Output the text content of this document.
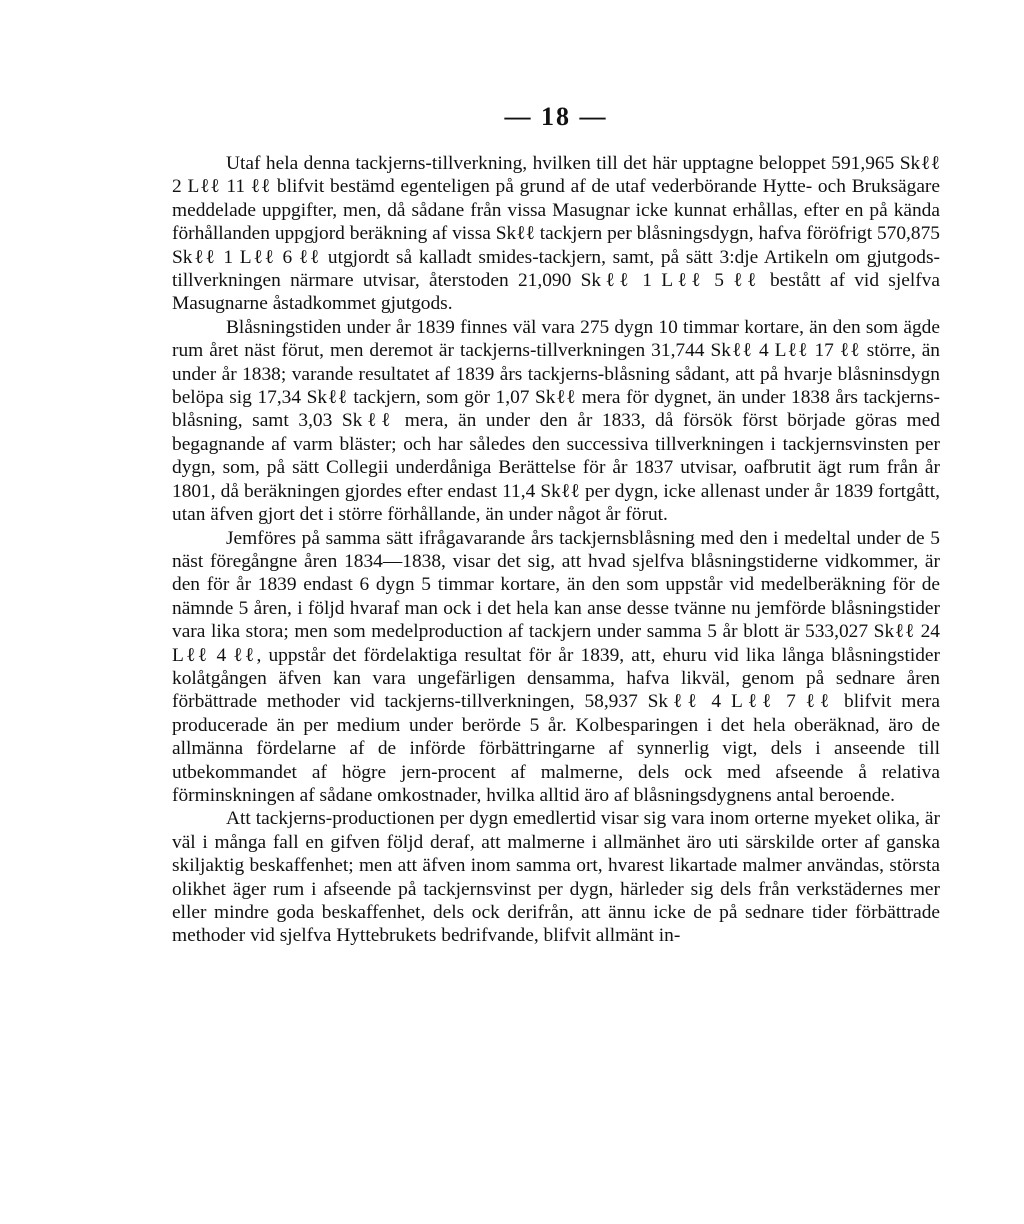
— 18 —

Utaf hela denna tackjerns-tillverkning, hvilken till det här upptagne beloppet 591,965 Skℓℓ 2 Lℓℓ 11 ℓℓ blifvit bestämd egenteligen på grund af de utaf vederbörande Hytte- och Bruksägare meddelade uppgifter, men, då sådane från vissa Masugnar icke kunnat erhållas, efter en på kända förhållanden uppgjord beräkning af vissa Skℓℓ tackjern per blåsningsdygn, hafva föröfrigt 570,875 Skℓℓ 1 Lℓℓ 6 ℓℓ utgjordt så kalladt smides-tackjern, samt, på sätt 3:dje Artikeln om gjutgods-tillverkningen närmare utvisar, återstoden 21,090 Skℓℓ 1 Lℓℓ 5 ℓℓ bestått af vid sjelfva Masugnarne åstadkommet gjutgods.

Blåsningstiden under år 1839 finnes väl vara 275 dygn 10 timmar kortare, än den som ägde rum året näst förut, men deremot är tackjerns-tillverkningen 31,744 Skℓℓ 4 Lℓℓ 17 ℓℓ större, än under år 1838; varande resultatet af 1839 års tackjerns-blåsning sådant, att på hvarje blåsninsdygn belöpa sig 17,34 Skℓℓ tackjern, som gör 1,07 Skℓℓ mera för dygnet, än under 1838 års tackjerns-blåsning, samt 3,03 Skℓℓ mera, än under den år 1833, då försök först började göras med begagnande af varm bläster; och har således den successiva tillverkningen i tackjernsvinsten per dygn, som, på sätt Collegii underdåniga Berättelse för år 1837 utvisar, oafbrutit ägt rum från år 1801, då beräkningen gjordes efter endast 11,4 Skℓℓ per dygn, icke allenast under år 1839 fortgått, utan äfven gjort det i större förhållande, än under något år förut.

Jemföres på samma sätt ifrågavarande års tackjernsblåsning med den i medeltal under de 5 näst föregångne åren 1834—1838, visar det sig, att hvad sjelfva blåsningstiderne vidkommer, är den för år 1839 endast 6 dygn 5 timmar kortare, än den som uppstår vid medelberäkning för de nämnde 5 åren, i följd hvaraf man ock i det hela kan anse desse tvänne nu jemförde blåsningstider vara lika stora; men som medelproduction af tackjern under samma 5 år blott är 533,027 Skℓℓ 24 Lℓℓ 4 ℓℓ, uppstår det fördelaktiga resultat för år 1839, att, ehuru vid lika långa blåsningstider kolåtgången äfven kan vara ungefärligen densamma, hafva likväl, genom på sednare åren förbättrade methoder vid tackjerns-tillverkningen, 58,937 Skℓℓ 4 Lℓℓ 7 ℓℓ blifvit mera producerade än per medium under berörde 5 år. Kolbesparingen i det hela oberäknad, äro de allmänna fördelarne af de införde förbättringarne af synnerlig vigt, dels i anseende till utbekommandet af högre jern-procent af malmerne, dels ock med afseende å relativa förminskningen af sådane omkostnader, hvilka alltid äro af blåsningsdygnens antal beroende.

Att tackjerns-productionen per dygn emedlertid visar sig vara inom orterne myeket olika, är väl i många fall en gifven följd deraf, att malmerne i allmänhet äro uti särskilde orter af ganska skiljaktig beskaffenhet; men att äfven inom samma ort, hvarest likartade malmer användas, största olikhet äger rum i afseende på tackjernsvinst per dygn, härleder sig dels från verkstädernes mer eller mindre goda beskaffenhet, dels ock derifrån, att ännu icke de på sednare tider förbättrade methoder vid sjelfva Hyttebrukets bedrifvande, blifvit allmänt in-
